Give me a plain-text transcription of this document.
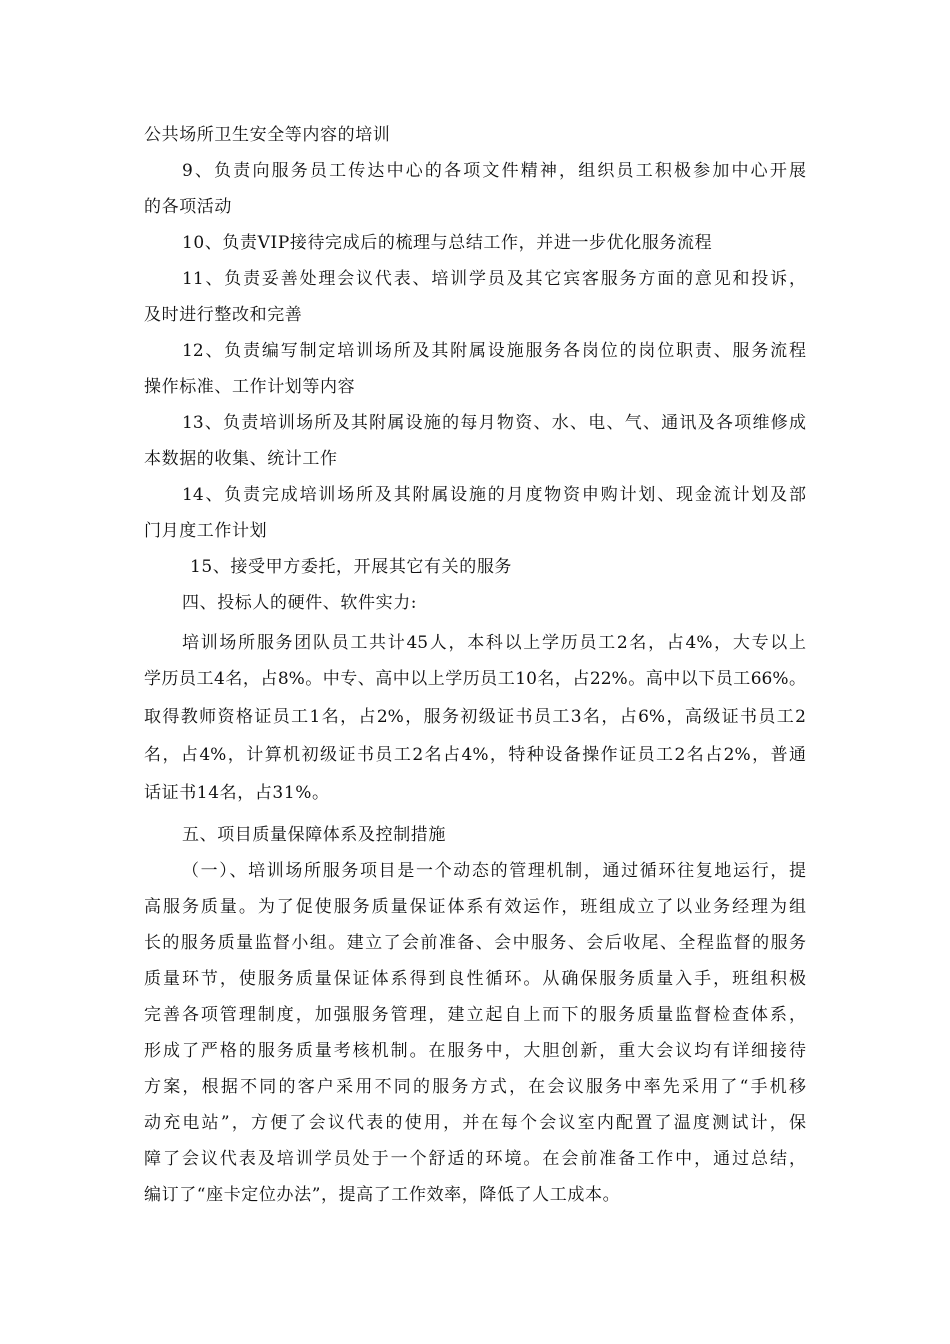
公共场所卫生安全等内容的培训
9、负责向服务员工传达中心的各项文件精神，组织员工积极参加中心开展
的各项活动
10、负责VIP接待完成后的梳理与总结工作，并进一步优化服务流程
11、负责妥善处理会议代表、培训学员及其它宾客服务方面的意见和投诉，
及时进行整改和完善
12、负责编写制定培训场所及其附属设施服务各岗位的岗位职责、服务流程
操作标准、工作计划等内容
13、负责培训场所及其附属设施的每月物资、水、电、气、通讯及各项维修成
本数据的收集、统计工作
14、负责完成培训场所及其附属设施的月度物资申购计划、现金流计划及部
门月度工作计划
15、接受甲方委托，开展其它有关的服务
四、投标人的硬件、软件实力:
培训场所服务团队员工共计45人，本科以上学历员工2名，占4%，大专以上
学历员工4名，占8%。中专、高中以上学历员工10名，占22%。高中以下员工66%。
取得教师资格证员工1名，占2%，服务初级证书员工3名，占6%，高级证书员工2
名，占4%，计算机初级证书员工2名占4%，特种设备操作证员工2名占2%，普通
话证书14名，占31%。
五、项目质量保障体系及控制措施
（一）、培训场所服务项目是一个动态的管理机制，通过循环往复地运行，提
高服务质量。为了促使服务质量保证体系有效运作，班组成立了以业务经理为组
长的服务质量监督小组。建立了会前准备、会中服务、会后收尾、全程监督的服务
质量环节，使服务质量保证体系得到良性循环。从确保服务质量入手，班组积极
完善各项管理制度，加强服务管理，建立起自上而下的服务质量监督检查体系，
形成了严格的服务质量考核机制。在服务中，大胆创新，重大会议均有详细接待
方案，根据不同的客户采用不同的服务方式，在会议服务中率先采用了“手机移
动充电站”，方便了会议代表的使用，并在每个会议室内配置了温度测试计，保
障了会议代表及培训学员处于一个舒适的环境。在会前准备工作中，通过总结，
编订了“座卡定位办法”，提高了工作效率，降低了人工成本。
